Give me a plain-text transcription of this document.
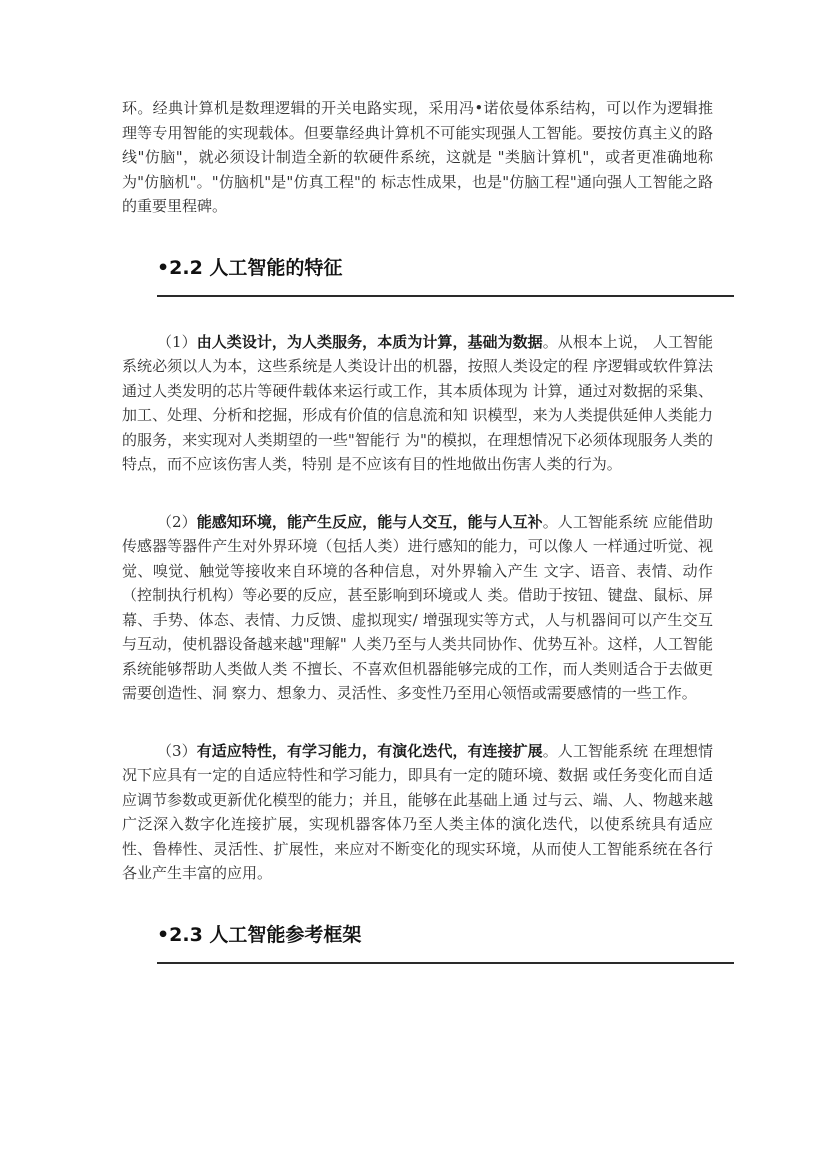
环。经典计算机是数理逻辑的开关电路实现，采用冯•诺依曼体系结构，可以作为逻辑推理等专用智能的实现载体。但要靠经典计算机不可能实现强人工智能。要按仿真主义的路线"仿脑"，就必须设计制造全新的软硬件系统，这就是 "类脑计算机"，或者更准确地称为"仿脑机"。"仿脑机"是"仿真工程"的 标志性成果，也是"仿脑工程"通向强人工智能之路的重要里程碑。

•2.2 人工智能的特征

（1）由人类设计，为人类服务，本质为计算，基础为数据。从根本上说， 人工智能系统必须以人为本，这些系统是人类设计出的机器，按照人类设定的程 序逻辑或软件算法通过人类发明的芯片等硬件载体来运行或工作，其本质体现为 计算，通过对数据的采集、加工、处理、分析和挖掘，形成有价值的信息流和知 识模型，来为人类提供延伸人类能力的服务，来实现对人类期望的一些"智能行 为"的模拟，在理想情况下必须体现服务人类的特点，而不应该伤害人类，特别 是不应该有目的性地做出伤害人类的行为。

（2）能感知环境，能产生反应，能与人交互，能与人互补。人工智能系统 应能借助传感器等器件产生对外界环境（包括人类）进行感知的能力，可以像人 一样通过听觉、视觉、嗅觉、触觉等接收来自环境的各种信息，对外界输入产生 文字、语音、表情、动作（控制执行机构）等必要的反应，甚至影响到环境或人 类。借助于按钮、键盘、鼠标、屏幕、手势、体态、表情、力反馈、虚拟现实/ 增强现实等方式，人与机器间可以产生交互与互动，使机器设备越来越"理解" 人类乃至与人类共同协作、优势互补。这样，人工智能系统能够帮助人类做人类 不擅长、不喜欢但机器能够完成的工作，而人类则适合于去做更需要创造性、洞 察力、想象力、灵活性、多变性乃至用心领悟或需要感情的一些工作。

（3）有适应特性，有学习能力，有演化迭代，有连接扩展。人工智能系统 在理想情况下应具有一定的自适应特性和学习能力，即具有一定的随环境、数据 或任务变化而自适应调节参数或更新优化模型的能力；并且，能够在此基础上通 过与云、端、人、物越来越广泛深入数字化连接扩展，实现机器客体乃至人类主体的演化迭代，以使系统具有适应性、鲁棒性、灵活性、扩展性，来应对不断变化的现实环境，从而使人工智能系统在各行各业产生丰富的应用。

•2.3 人工智能参考框架
